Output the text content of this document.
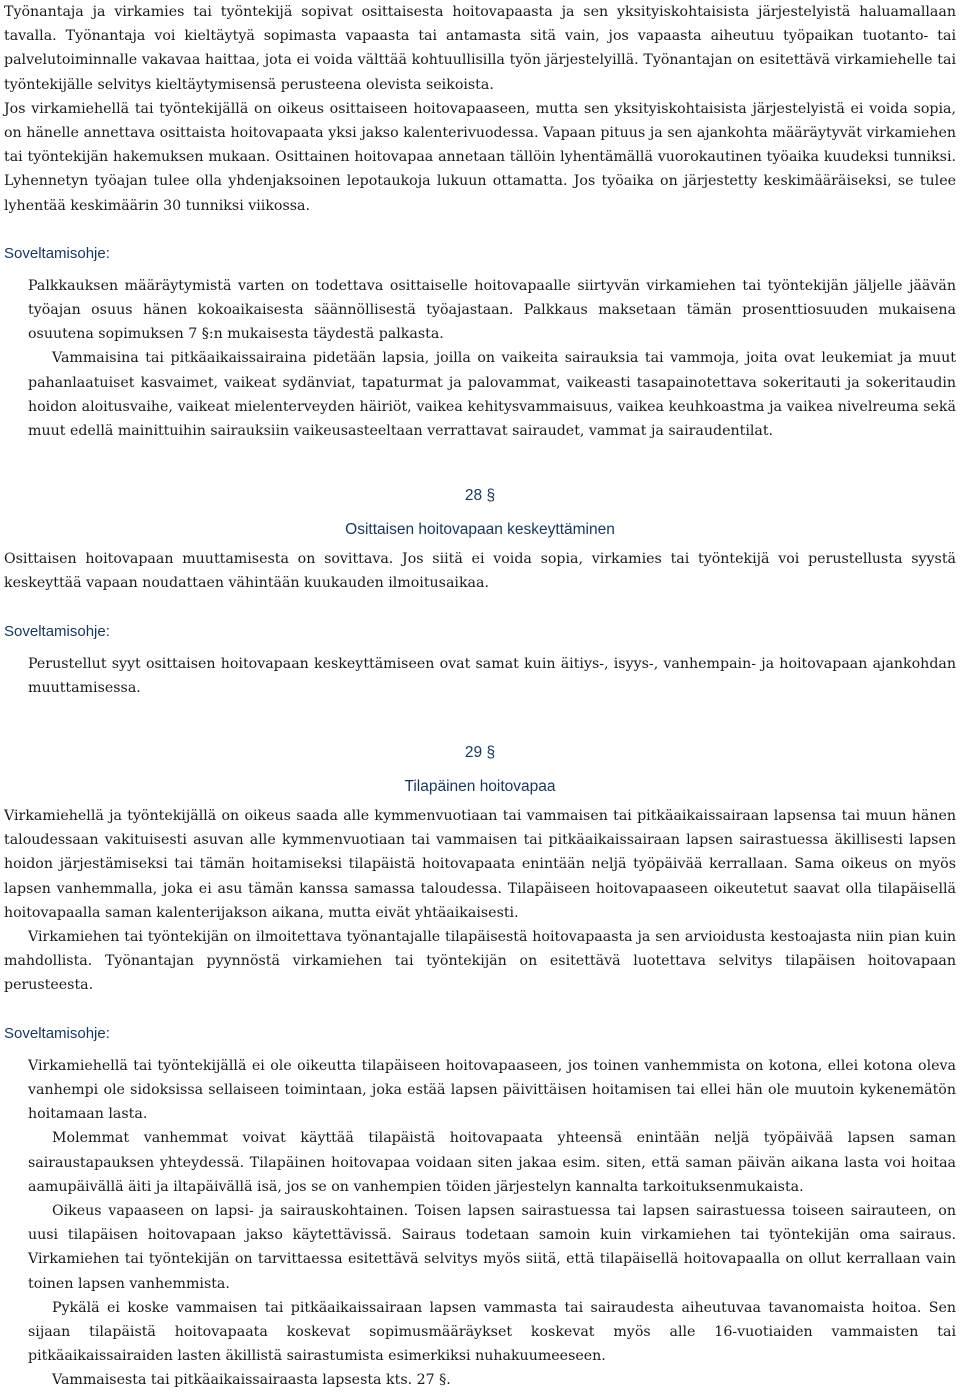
Työnantaja ja virkamies tai työntekijä sopivat osittaisesta hoitovapaasta ja sen yksityiskohtaisista järjestelyistä haluamallaan tavalla. Työnantaja voi kieltäytyä sopimasta vapaasta tai antamasta sitä vain, jos vapaasta aiheutuu työpaikan tuotanto- tai palvelutoiminnalle vakavaa haittaa, jota ei voida välttää kohtuullisilla työn järjestelyillä. Työnantajan on esitettävä virkamiehelle tai työntekijälle selvitys kieltäytymisensä perusteena olevista seikoista.

Jos virkamiehellä tai työntekijällä on oikeus osittaiseen hoitovapaaseen, mutta sen yksityiskohtaisista järjestelyistä ei voida sopia, on hänelle annettava osittaista hoitovapaata yksi jakso kalenterivuodessa. Vapaan pituus ja sen ajankohta määräytyvät virkamiehen tai työntekijän hakemuksen mukaan. Osittainen hoitovapaa annetaan tällöin lyhentämällä vuorokautinen työaika kuudeksi tunniksi. Lyhennetyn työajan tulee olla yhdenjaksoinen lepotaukoja lukuun ottamatta. Jos työaika on järjestetty keskimääräiseksi, se tulee lyhentää keskimäärin 30 tunniksi viikossa.

Soveltamisohje:

Palkkauksen määräytymistä varten on todettava osittaiselle hoitovapaalle siirtyvän virkamiehen tai työntekijän jäljelle jäävän työajan osuus hänen kokoaikaisesta säännöllisestä työajastaan. Palkkaus maksetaan tämän prosenttiosuuden mukaisena osuutena sopimuksen 7 §:n mukaisesta täydestä palkasta.

Vammaisina tai pitkäaikaissairaina pidetään lapsia, joilla on vaikeita sairauksia tai vammoja, joita ovat leukemiat ja muut pahanlaatuiset kasvaimet, vaikeat sydänviat, tapaturmat ja palovammat, vaikeasti tasapainotettava sokeritauti ja sokeritaudin hoidon aloitusvaihe, vaikeat mielenterveyden häiriöt, vaikea kehitysvammaisuus, vaikea keuhkoastma ja vaikea nivelreuma sekä muut edellä mainittuihin sairauksiin vaikeusasteeltaan verrattavat sairaudet, vammat ja sairaudentilat.

28 §
Osittaisen hoitovapaan keskeyttäminen

Osittaisen hoitovapaan muuttamisesta on sovittava. Jos siitä ei voida sopia, virkamies tai työntekijä voi perustellusta syystä keskeyttää vapaan noudattaen vähintään kuukauden ilmoitusaikaa.

Soveltamisohje:

Perustellut syyt osittaisen hoitovapaan keskeyttämiseen ovat samat kuin äitiys-, isyys-, vanhempain- ja hoitovapaan ajankohdan muuttamisessa.

29 §
Tilapäinen hoitovapaa

Virkamiehellä ja työntekijällä on oikeus saada alle kymmenvuotiaan tai vammaisen tai pitkäaikaissairaan lapsensa tai muun hänen taloudessaan vakituisesti asuvan alle kymmenvuotiaan tai vammaisen tai pitkäaikaissairaan lapsen sairastuessa äkillisesti lapsen hoidon järjestämiseksi tai tämän hoitamiseksi tilapäistä hoitovapaata enintään neljä työpäivää kerrallaan. Sama oikeus on myös lapsen vanhemmalla, joka ei asu tämän kanssa samassa taloudessa. Tilapäiseen hoitovapaaseen oikeutetut saavat olla tilapäisellä hoitovapaalla saman kalenterijakson aikana, mutta eivät yhtäaikaisesti.

Virkamiehen tai työntekijän on ilmoitettava työnantajalle tilapäisestä hoitovapaasta ja sen arvioidusta kestoajasta niin pian kuin mahdollista. Työnantajan pyynnöstä virkamiehen tai työntekijän on esitettävä luotettava selvitys tilapäisen hoitovapaan perusteesta.

Soveltamisohje:

Virkamiehellä tai työntekijällä ei ole oikeutta tilapäiseen hoitovapaaseen, jos toinen vanhemmista on kotona, ellei kotona oleva vanhempi ole sidoksissa sellaiseen toimintaan, joka estää lapsen päivittäisen hoitamisen tai ellei hän ole muutoin kykenemätön hoitamaan lasta.

Molemmat vanhemmat voivat käyttää tilapäistä hoitovapaata yhteensä enintään neljä työpäivää lapsen saman sairaustapauksen yhteydessä. Tilapäinen hoitovapaa voidaan siten jakaa esim. siten, että saman päivän aikana lasta voi hoitaa aamupäivällä äiti ja iltapäivällä isä, jos se on vanhempien töiden järjestelyn kannalta tarkoituksenmukaista.

Oikeus vapaaseen on lapsi- ja sairauskohtainen. Toisen lapsen sairastuessa tai lapsen sairastuessa toiseen sairauteen, on uusi tilapäisen hoitovapaan jakso käytettävissä. Sairaus todetaan samoin kuin virkamiehen tai työntekijän oma sairaus. Virkamiehen tai työntekijän on tarvittaessa esitettävä selvitys myös siitä, että tilapäisellä hoitovapaalla on ollut kerrallaan vain toinen lapsen vanhemmista.

Pykälä ei koske vammaisen tai pitkäaikaissairaan lapsen vammasta tai sairaudesta aiheutuvaa tavanomaista hoitoa. Sen sijaan tilapäistä hoitovapaata koskevat sopimusmääräykset koskevat myös alle 16-vuotiaiden vammaisten tai pitkäaikaissairaiden lasten äkillistä sairastumista esimerkiksi nuhakuumeeseen.

Vammaisesta tai pitkäaikaissairaasta lapsesta kts. 27 §.
